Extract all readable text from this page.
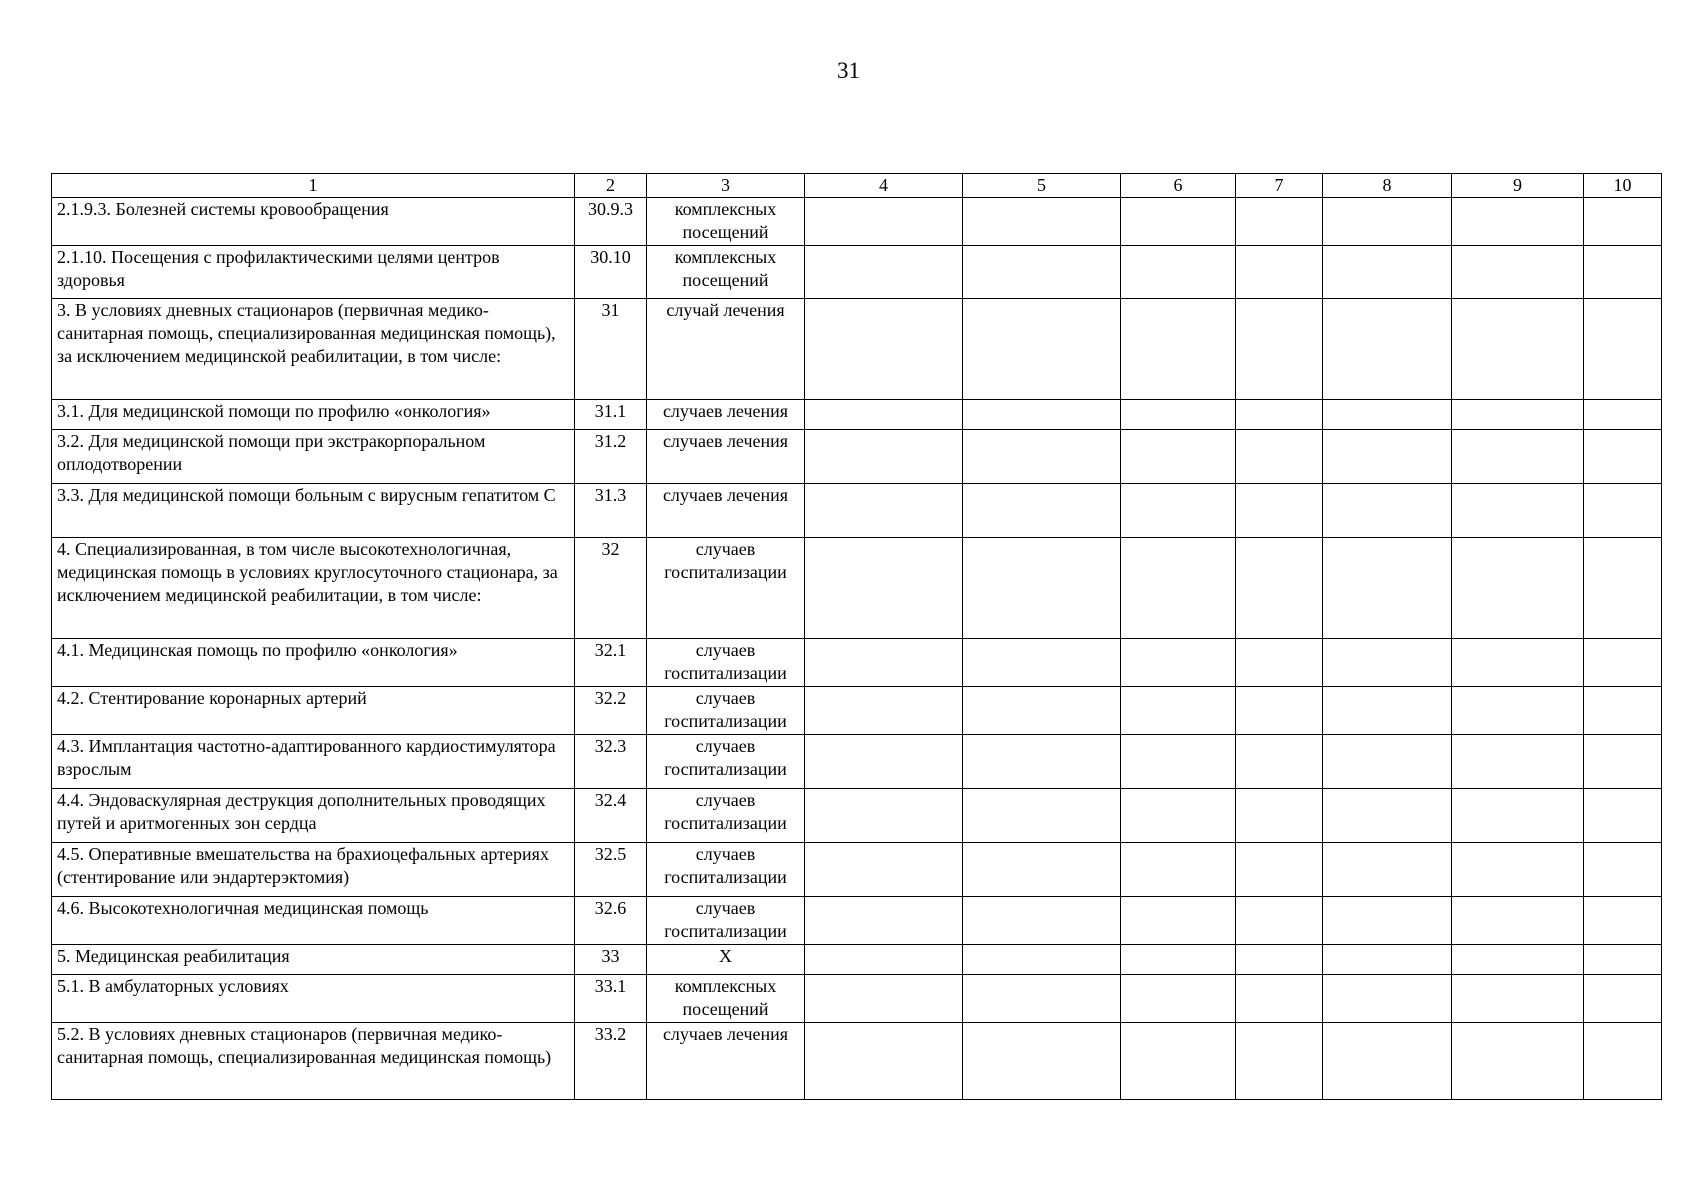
31
1	2	3	4	5	6	7	8	9	10
2.1.9.3. Болезней системы кровообращения	30.9.3	комплексных посещений							
2.1.10. Посещения с профилактическими целями центров здоровья	30.10	комплексных посещений							
3. В условиях дневных стационаров (первичная медико-санитарная помощь, специализированная медицинская помощь), за исключением медицинской реабилитации, в том числе:	31	случай лечения							
3.1. Для медицинской помощи по профилю «онкология»	31.1	случаев лечения							
3.2. Для медицинской помощи при экстракорпоральном оплодотворении	31.2	случаев лечения							
3.3. Для медицинской помощи больным с вирусным гепатитом С	31.3	случаев лечения							
4. Специализированная, в том числе высокотехнологичная, медицинская помощь в условиях круглосуточного стационара, за исключением медицинской реабилитации, в том числе:	32	случаев госпитализации							
4.1. Медицинская помощь по профилю «онкология»	32.1	случаев госпитализации							
4.2. Стентирование коронарных артерий	32.2	случаев госпитализации							
4.3. Имплантация частотно-адаптированного кардиостимулятора взрослым	32.3	случаев госпитализации							
4.4. Эндоваскулярная деструкция дополнительных проводящих путей и аритмогенных зон сердца	32.4	случаев госпитализации							
4.5. Оперативные вмешательства на брахиоцефальных артериях (стентирование или эндартерэктомия)	32.5	случаев госпитализации							
4.6. Высокотехнологичная медицинская помощь	32.6	случаев госпитализации							
5. Медицинская реабилитация	33	Х							
5.1. В амбулаторных условиях	33.1	комплексных посещений							
5.2. В условиях дневных стационаров (первичная медико-санитарная помощь, специализированная медицинская помощь)	33.2	случаев лечения							
